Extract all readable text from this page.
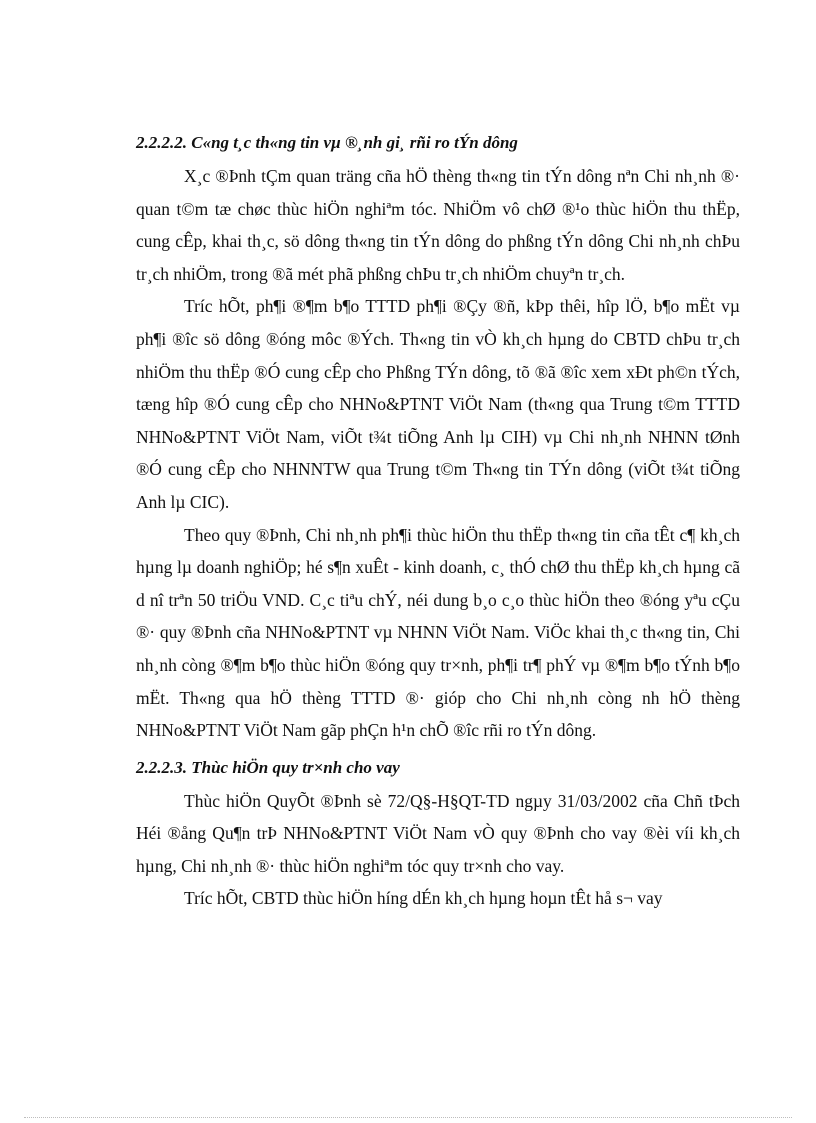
2.2.2.2. C«ng t¸c th«ng tin vµ ®¸nh gi¸ rñi ro tÝn dông

X¸c ®Þnh tÇm quan träng cña hÖ thèng th«ng tin tÝn dông nªn Chi nh¸nh ®· quan t©m tæ chøc thùc hiÖn nghiªm tóc. NhiÖm vô chØ ®¹o thùc hiÖn thu thËp, cung cÊp, khai th¸c, sö dông th«ng tin tÝn dông do phßng tÝn dông Chi nh¸nh chÞu tr¸ch nhiÖm, trong ®ã mét phã phßng chÞu tr¸ch nhiÖm chuyªn tr¸ch.

Tríc hÕt, ph¶i ®¶m b¶o TTTD ph¶i ®Çy ®ñ, kÞp thêi, hîp lÖ, b¶o mËt vµ ph¶i ®îc sö dông ®óng môc ®Ých. Th«ng tin vÒ kh¸ch hµng do CBTD chÞu tr¸ch nhiÖm thu thËp ®Ó cung cÊp cho Phßng TÝn dông, tõ ®ã ®îc xem xÐt ph©n tÝch, tæng hîp ®Ó cung cÊp cho NHNo&PTNT ViÖt Nam (th«ng qua Trung t©m TTTD NHNo&PTNT ViÖt Nam, viÕt t¾t tiÕng Anh lµ CIH) vµ Chi nh¸nh NHNN tØnh ®Ó cung cÊp cho NHNNTW qua Trung t©m Th«ng tin TÝn dông (viÕt t¾t tiÕng Anh lµ CIC).

Theo quy ®Þnh, Chi nh¸nh ph¶i thùc hiÖn thu thËp th«ng tin cña tÊt c¶ kh¸ch hµng lµ doanh nghiÖp; hé s¶n xuÊt - kinh doanh, c¸ thÓ chØ thu thËp kh¸ch hµng cã d nî trªn 50 triÖu VND. C¸c tiªu chÝ, néi dung b¸o c¸o thùc hiÖn theo ®óng yªu cÇu ®· quy ®Þnh cña NHNo&PTNT vµ NHNN ViÖt Nam. ViÖc khai th¸c th«ng tin, Chi nh¸nh còng ®¶m b¶o thùc hiÖn ®óng quy tr×nh, ph¶i tr¶ phÝ vµ ®¶m b¶o tÝnh b¶o mËt. Th«ng qua hÖ thèng TTTD ®· gióp cho Chi nh¸nh còng nh hÖ thèng NHNo&PTNT ViÖt Nam gãp phÇn h¹n chÕ ®îc rñi ro tÝn dông.

2.2.2.3. Thùc hiÖn quy tr×nh cho vay

Thùc hiÖn QuyÕt ®Þnh sè 72/Q§-H§QT-TD ngµy 31/03/2002 cña Chñ tÞch Héi ®ång Qu¶n trÞ NHNo&PTNT ViÖt Nam vÒ quy ®Þnh cho vay ®èi víi kh¸ch hµng, Chi nh¸nh ®· thùc hiÖn nghiªm tóc quy tr×nh cho vay.

Tríc hÕt, CBTD thùc hiÖn híng dÉn kh¸ch hµng hoµn tÊt hå s¬ vay
